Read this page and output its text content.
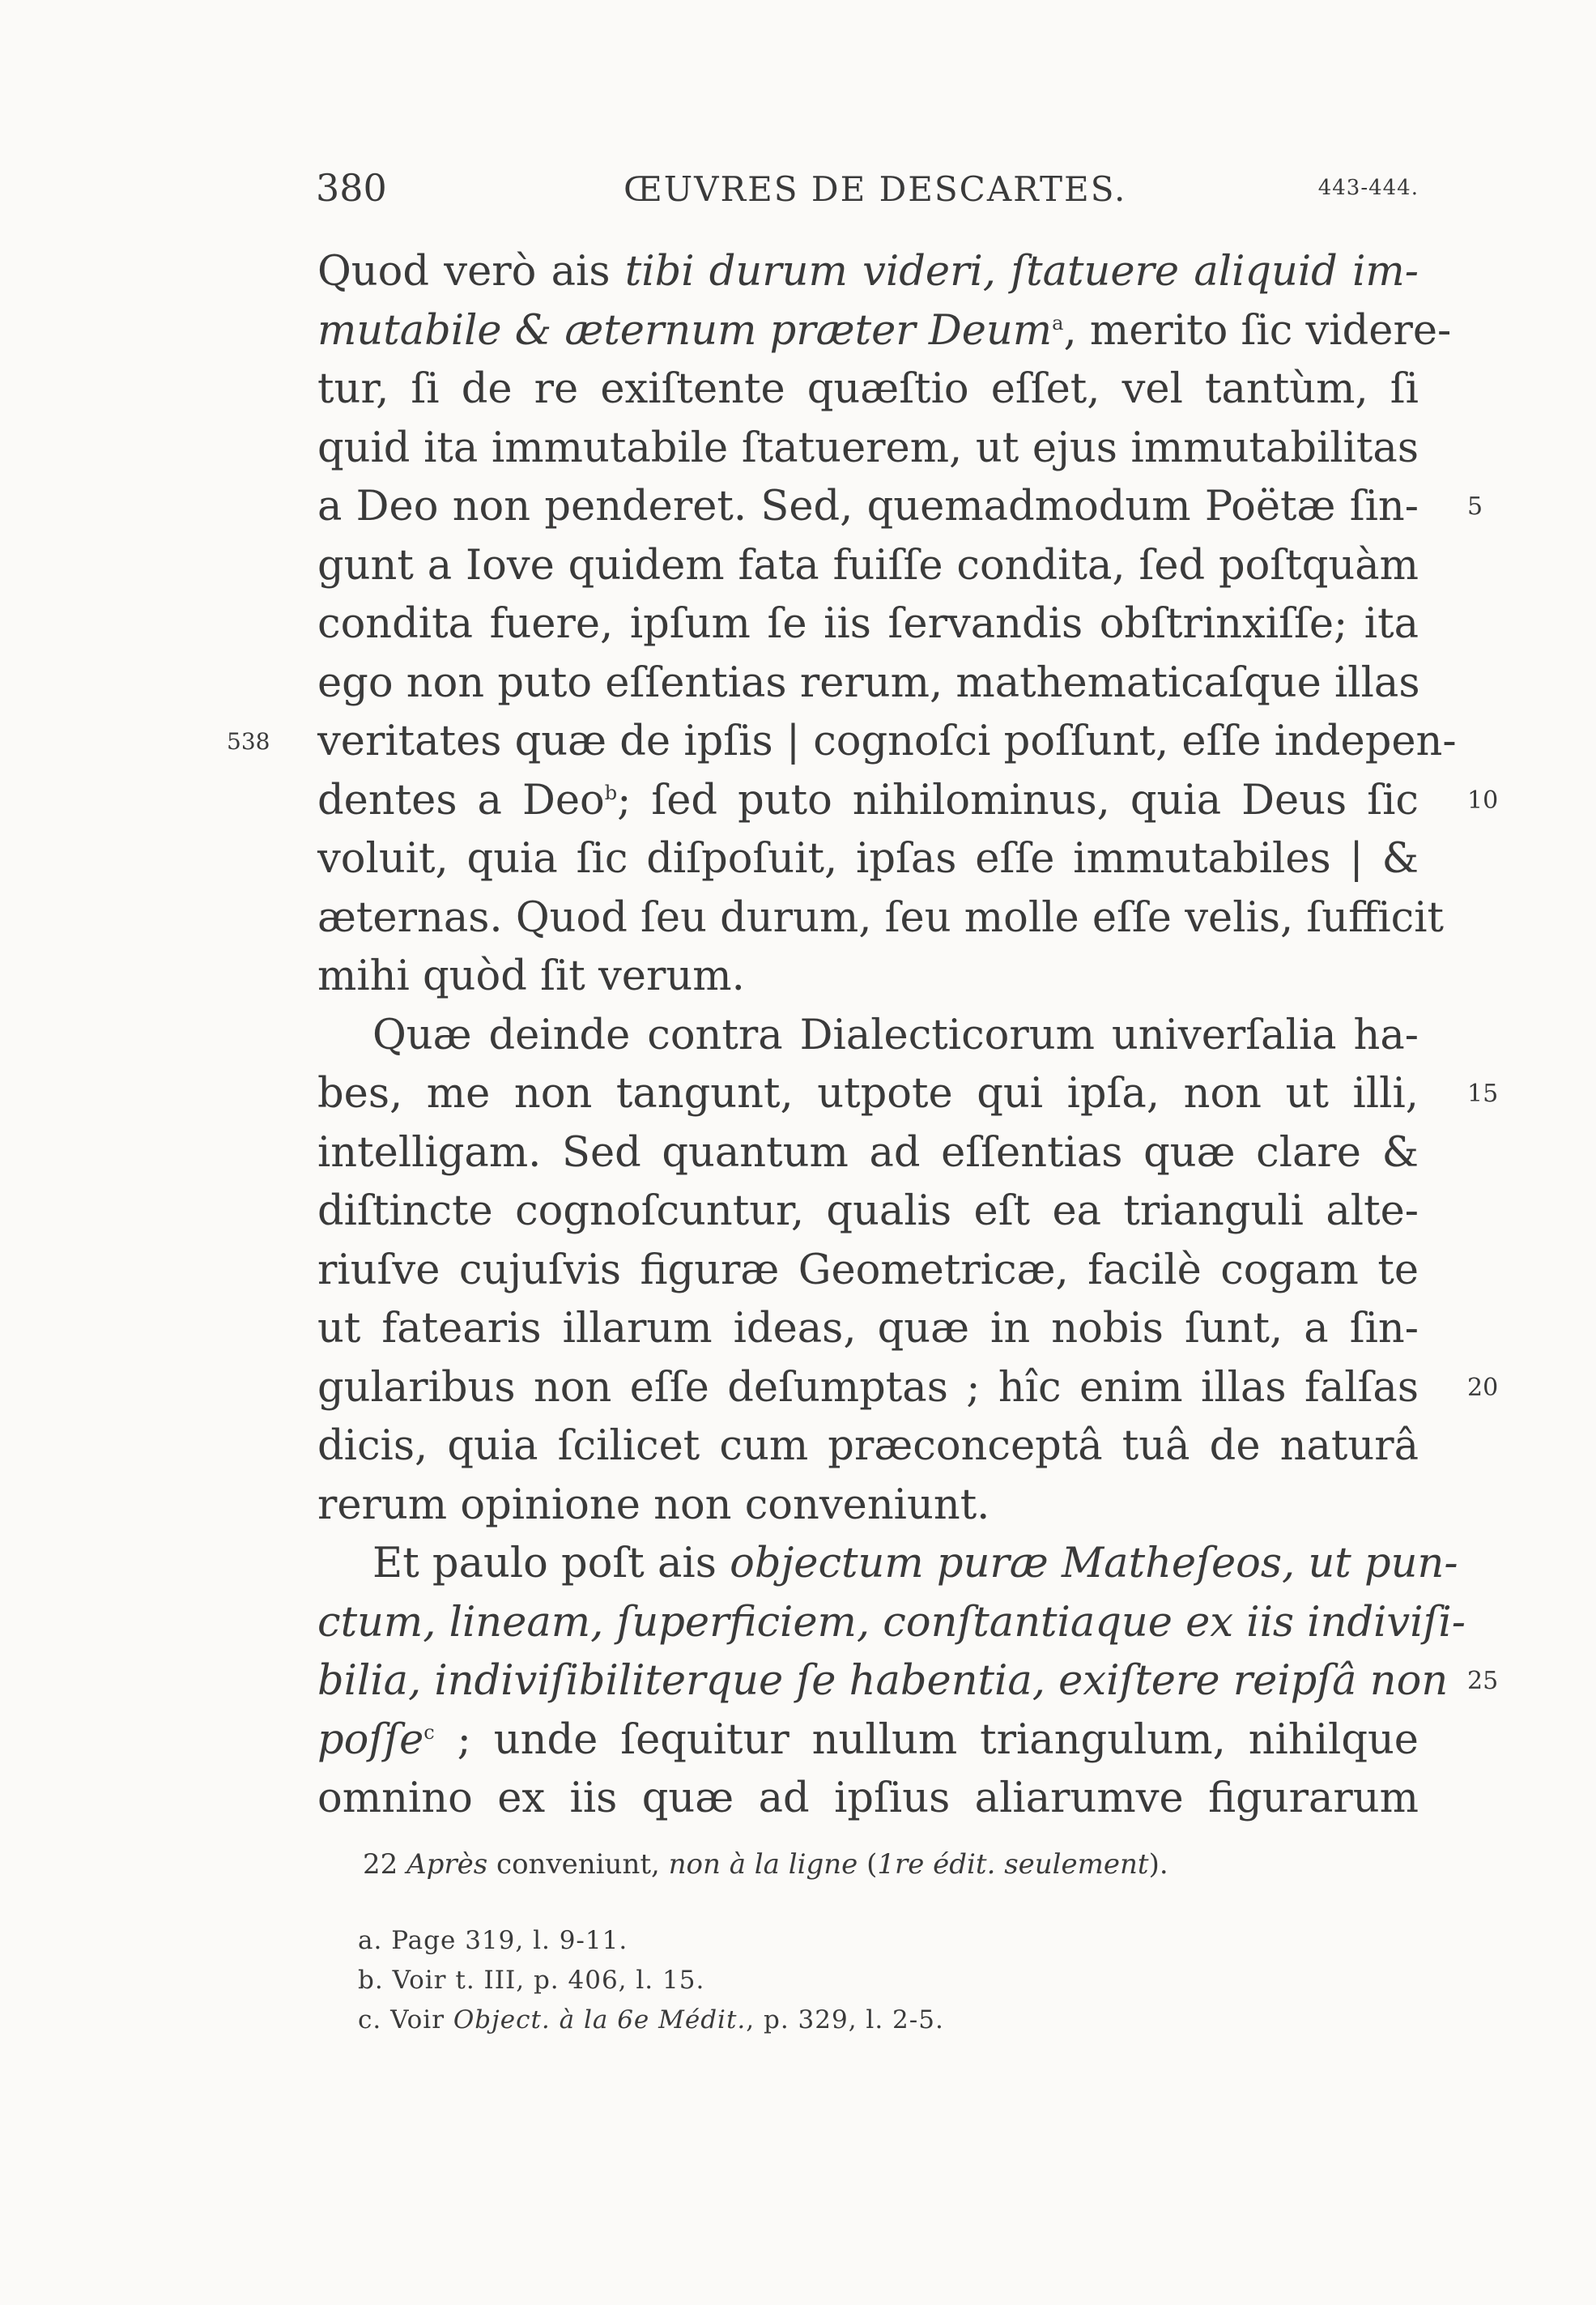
380	ŒUVRES DE DESCARTES.	443-444.
Quod verò ais tibi durum videri, ſtatuere aliquid im-
mutabile & æternum præter Deum$^a$, merito ſic videre-
tur, ſi de re exiſtente quæſtio eſſet, vel tantùm, ſi
quid ita immutabile ſtatuerem, ut ejus immutabilitas
a Deo non penderet. Sed, quemadmodum Poëtæ ſin- 5
gunt a Iove quidem fata fuiſſe condita, ſed poſtquàm
condita fuere, ipſum ſe iis ſervandis obſtrinxiſſe; ita
ego non puto eſſentias rerum, mathematicaſque illas
538 veritates quæ de ipſis | cognoſci poſſunt, eſſe indepen-
dentes a Deo$^b$; ſed puto nihilominus, quia Deus ſic 10
voluit, quia ſic diſpoſuit, ipſas eſſe immutabiles | &
æternas. Quod ſeu durum, ſeu molle eſſe velis, ſufficit
mihi quòd ſit verum.
Quæ deinde contra Dialecticorum univerſalia ha-
bes, me non tangunt, utpote qui ipſa, non ut illi, 15
intelligam. Sed quantum ad eſſentias quæ clare &
diſtincte cognoſcuntur, qualis eſt ea trianguli alte-
riuſve cujuſvis figuræ Geometricæ, facilè cogam te
ut fatearis illarum ideas, quæ in nobis ſunt, a ſin-
gularibus non eſſe deſumptas ; hîc enim illas falſas 20
dicis, quia ſcilicet cum præconceptâ tuâ de naturâ
rerum opinione non conveniunt.
Et paulo poſt ais objectum puræ Matheſeos, ut pun-
ctum, lineam, ſuperficiem, conſtantiaque ex iis indiviſi-
bilia, indiviſibiliterque ſe habentia, exiſtere reipſâ non 25
poſſe$^c$ ; unde ſequitur nullum triangulum, nihilque
omnino ex iis quæ ad ipſius aliarumve figurarum
22 Après conveniunt, non à la ligne (1re édit. seulement).
a. Page 319, l. 9-11.
b. Voir t. III, p. 406, l. 15.
c. Voir Object. à la 6e Médit., p. 329, l. 2-5.
